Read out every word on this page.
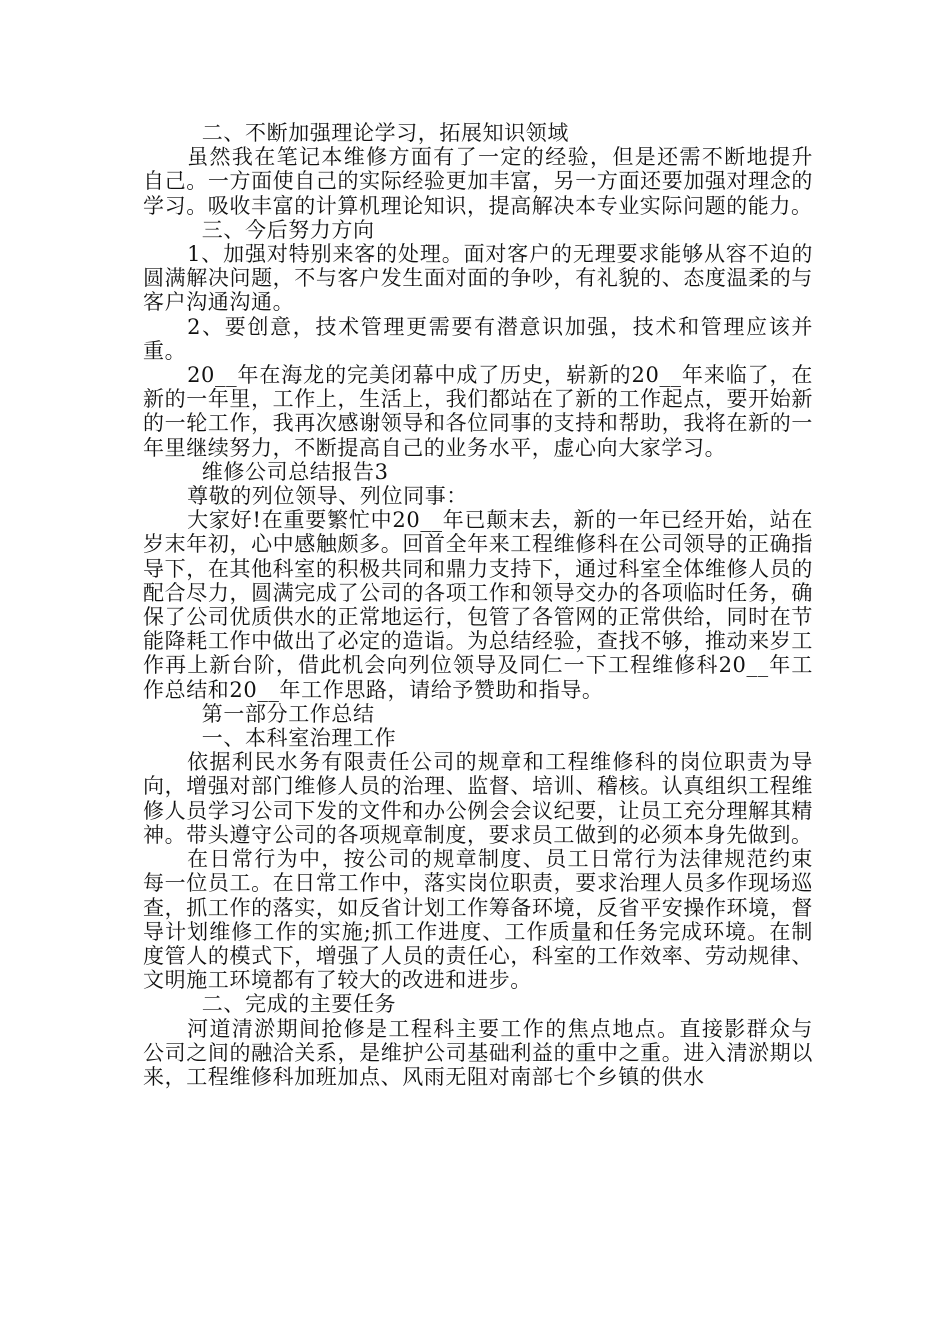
二、不断加强理论学习，拓展知识领域

虽然我在笔记本维修方面有了一定的经验，但是还需不断地提升自己。一方面使自己的实际经验更加丰富，另一方面还要加强对理念的学习。吸收丰富的计算机理论知识，提高解决本专业实际问题的能力。

三、今后努力方向

1、加强对特别来客的处理。面对客户的无理要求能够从容不迫的圆满解决问题，不与客户发生面对面的争吵，有礼貌的、态度温柔的与客户沟通沟通。

2、要创意，技术管理更需要有潜意识加强，技术和管理应该并重。

20__年在海龙的完美闭幕中成了历史，崭新的20__年来临了，在新的一年里，工作上，生活上，我们都站在了新的工作起点，要开始新的一轮工作，我再次感谢领导和各位同事的支持和帮助，我将在新的一年里继续努力，不断提高自己的业务水平，虚心向大家学习。

维修公司总结报告3

尊敬的列位领导、列位同事：

大家好!在重要繁忙中20__年已颠末去，新的一年已经开始，站在岁末年初，心中感触颇多。回首全年来工程维修科在公司领导的正确指导下，在其他科室的积极共同和鼎力支持下，通过科室全体维修人员的配合尽力，圆满完成了公司的各项工作和领导交办的各项临时任务，确保了公司优质供水的正常地运行，包管了各管网的正常供给，同时在节能降耗工作中做出了必定的造诣。为总结经验，查找不够，推动来岁工作再上新台阶，借此机会向列位领导及同仁一下工程维修科20__年工作总结和20__年工作思路，请给予赞助和指导。

第一部分工作总结

一、本科室治理工作

依据利民水务有限责任公司的规章和工程维修科的岗位职责为导向，增强对部门维修人员的治理、监督、培训、稽核。认真组织工程维修人员学习公司下发的文件和办公例会会议纪要，让员工充分理解其精神。带头遵守公司的各项规章制度，要求员工做到的必须本身先做到。

在日常行为中，按公司的规章制度、员工日常行为法律规范约束每一位员工。在日常工作中，落实岗位职责，要求治理人员多作现场巡查，抓工作的落实，如反省计划工作筹备环境，反省平安操作环境，督导计划维修工作的实施;抓工作进度、工作质量和任务完成环境。在制度管人的模式下，增强了人员的责任心，科室的工作效率、劳动规律、文明施工环境都有了较大的改进和进步。

二、完成的主要任务

河道清淤期间抢修是工程科主要工作的焦点地点。直接影群众与公司之间的融洽关系，是维护公司基础利益的重中之重。进入清淤期以来，工程维修科加班加点、风雨无阻对南部七个乡镇的供水
